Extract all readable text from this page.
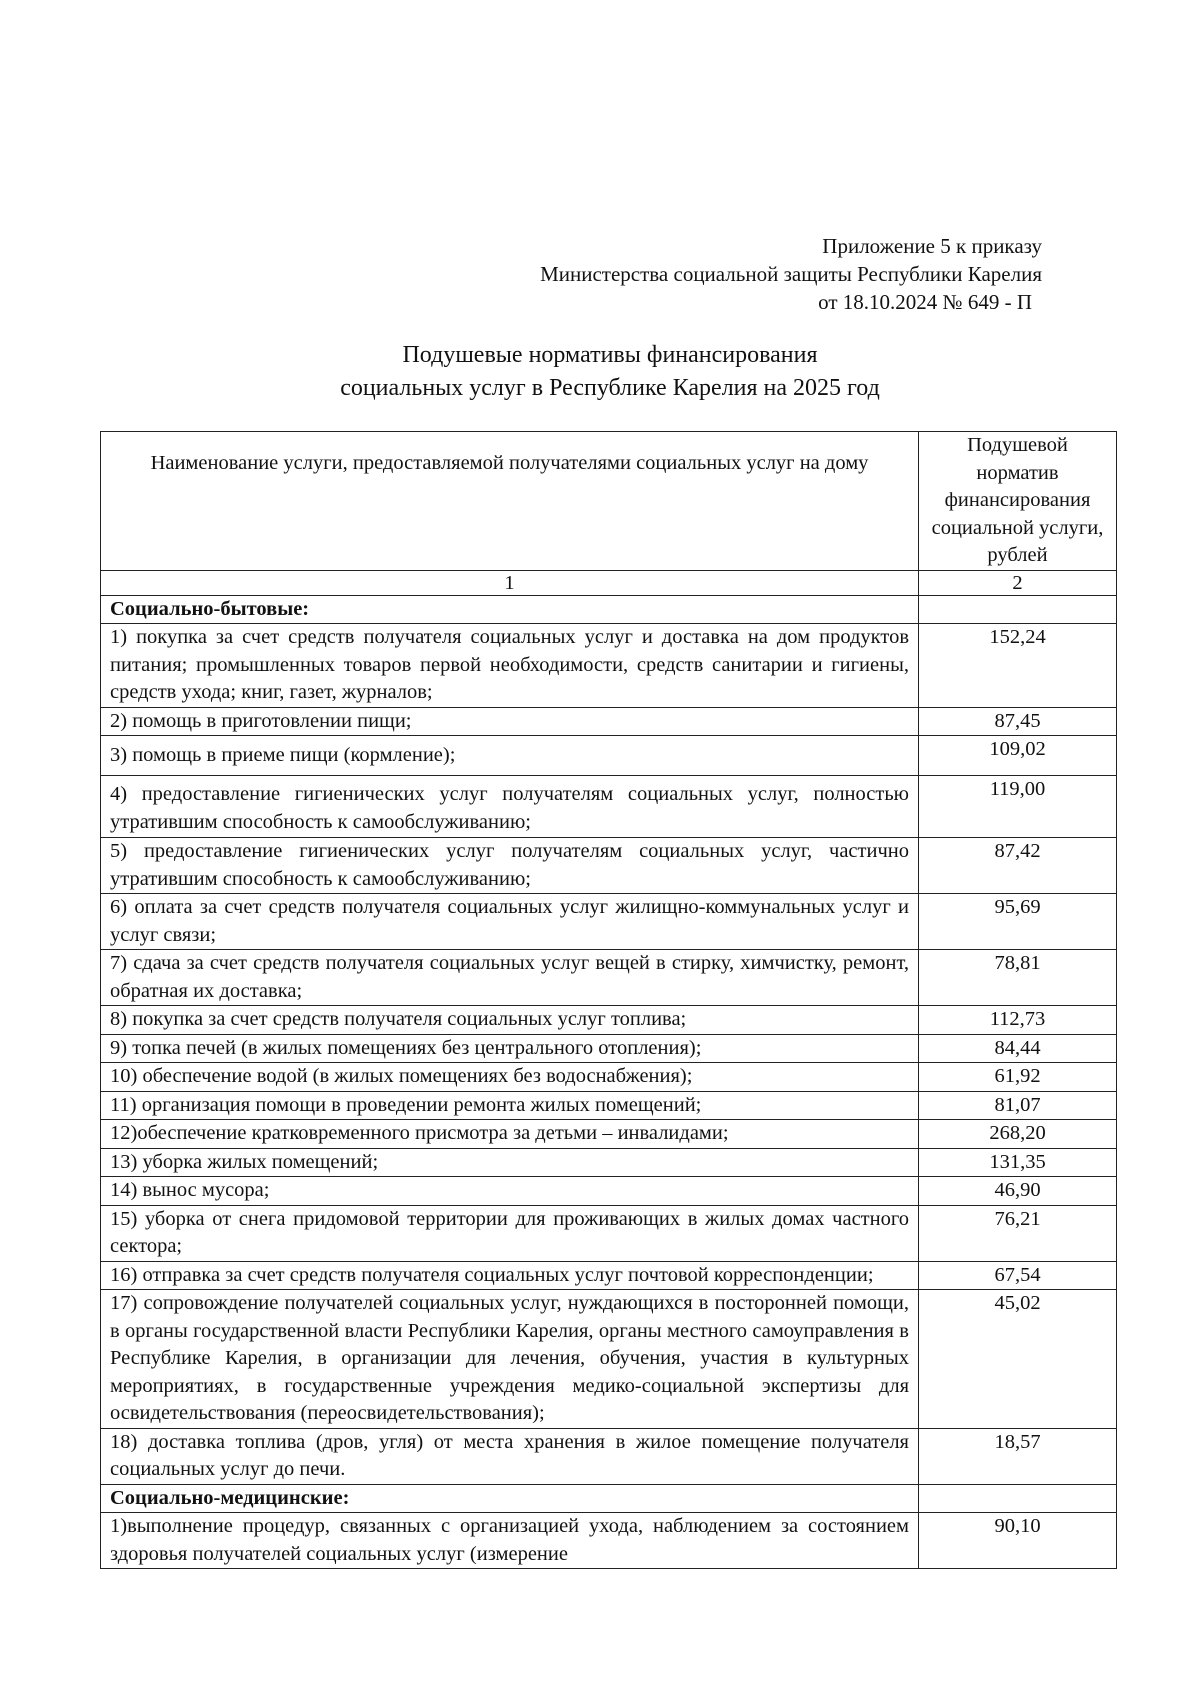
Приложение 5 к приказу
Министерства социальной защиты Республики Карелия
от 18.10.2024 № 649 - П
Подушевые нормативы финансирования
социальных услуг в Республике Карелия на 2025 год
Наименование услуги, предоставляемой получателями социальных услуг на дому	Подушевой норматив финансирования социальной услуги, рублей
1	2
Социально-бытовые:	
1) покупка за счет средств получателя социальных услуг и доставка на дом продуктов питания; промышленных товаров первой необходимости, средств санитарии и гигиены, средств ухода; книг, газет, журналов;	152,24
2) помощь в приготовлении пищи;	87,45
3) помощь в приеме пищи (кормление);	109,02
4) предоставление гигиенических услуг получателям социальных услуг, полностью утратившим способность к самообслуживанию;	119,00
5) предоставление гигиенических услуг получателям социальных услуг, частично утратившим способность к самообслуживанию;	87,42
6) оплата за счет средств получателя социальных услуг жилищно-коммунальных услуг и услуг связи;	95,69
7) сдача за счет средств получателя социальных услуг вещей в стирку, химчистку, ремонт, обратная их доставка;	78,81
8) покупка за счет средств получателя социальных услуг топлива;	112,73
9) топка печей (в жилых помещениях без центрального отопления);	84,44
10) обеспечение водой (в жилых помещениях без водоснабжения);	61,92
11) организация помощи в проведении ремонта жилых помещений;	81,07
12)обеспечение кратковременного присмотра за детьми – инвалидами;	268,20
13) уборка жилых помещений;	131,35
14) вынос мусора;	46,90
15) уборка от снега придомовой территории для проживающих в жилых домах частного сектора;	76,21
16) отправка за счет средств получателя социальных услуг почтовой корреспонденции;	67,54
17) сопровождение получателей социальных услуг, нуждающихся в посторонней помощи, в органы государственной власти Республики Карелия, органы местного самоуправления в Республике Карелия, в организации для лечения, обучения, участия в культурных мероприятиях, в государственные учреждения медико-социальной экспертизы для освидетельствования (переосвидетельствования);	45,02
18) доставка топлива (дров, угля) от места хранения в жилое помещение получателя социальных услуг до печи.	18,57
Социально-медицинские:	
1)выполнение процедур, связанных с организацией ухода, наблюдением за состоянием здоровья получателей социальных услуг (измерение	90,10
